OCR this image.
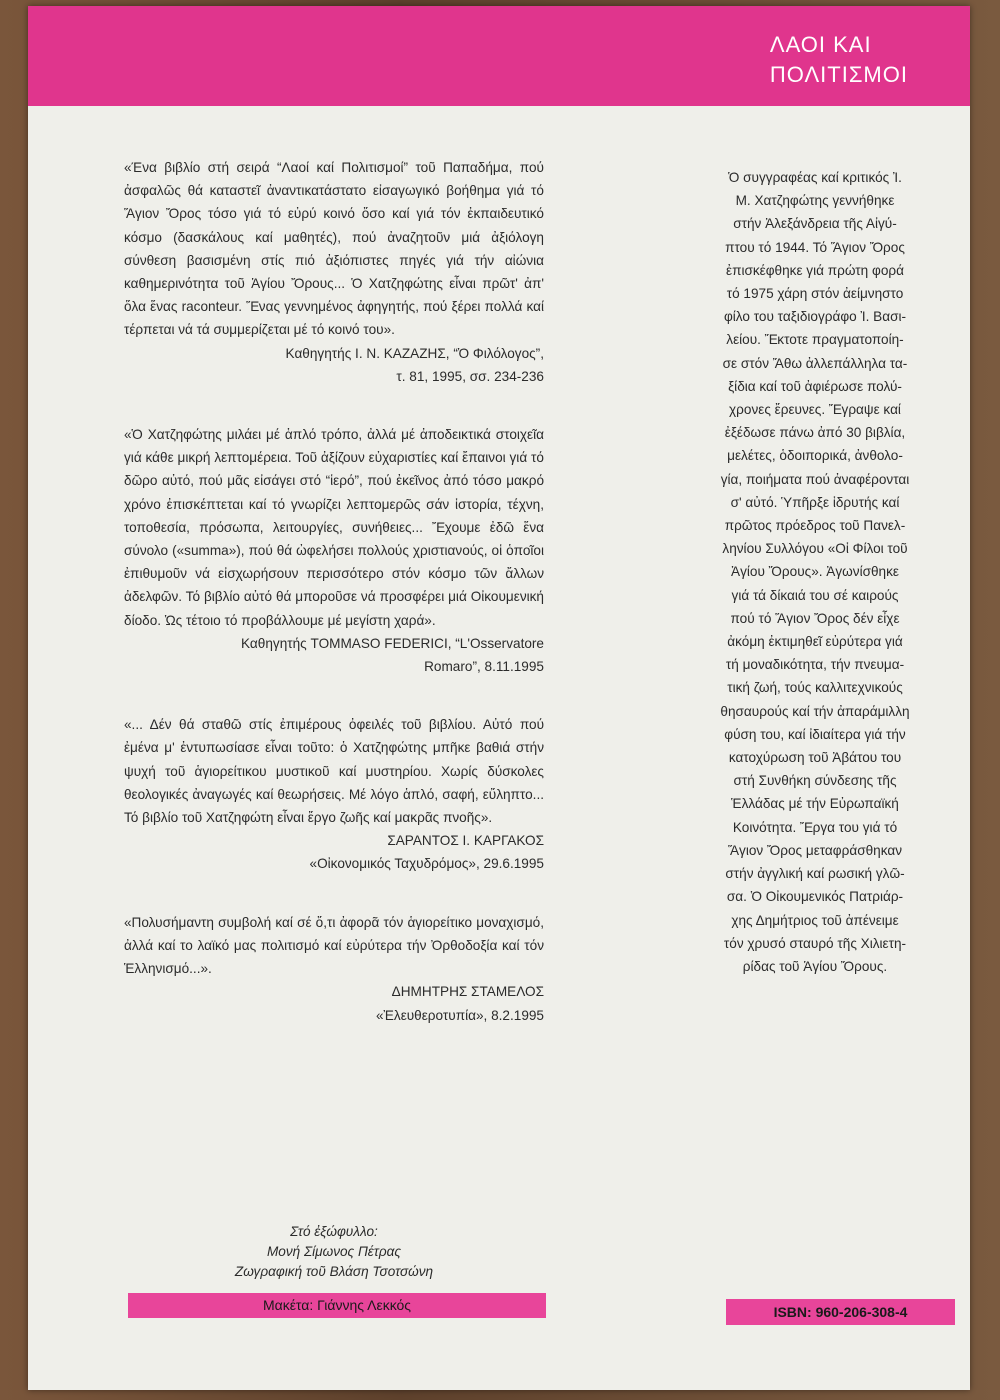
ΛΑΟΙ ΚΑΙ
ΠΟΛΙΤΙΣΜΟΙ

«Ένα βιβλίο στή σειρά “Λαοί καί Πολιτισμοί” τοῦ Παπαδήμα, πού ἀσφαλῶς θά καταστεῖ ἀναντικατάστατο εἰσαγωγικό βοήθημα γιά τό Ἅγιον Ὄρος τόσο γιά τό εὐρύ κοινό ὅσο καί γιά τόν ἐκπαιδευτικό κόσμο (δασκάλους καί μαθητές), πού ἀναζητοῦν μιά ἀξιόλογη σύνθεση βασισμένη στίς πιό ἀξιόπιστες πηγές γιά τήν αἰώνια καθημερινότητα τοῦ Ἁγίου Ὄρους... Ὁ Χατζηφώτης εἶναι πρῶτ' ἀπ' ὅλα ἕνας raconteur. Ἕνας γεννημένος ἀφηγητής, πού ξέρει πολλά καί τέρπεται νά τά συμμερίζεται μέ τό κοινό του».

Καθηγητής Ι. Ν. ΚΑΖΑΖΗΣ, “Ὁ Φιλόλογος”,

τ. 81, 1995, σσ. 234-236

«Ὁ Χατζηφώτης μιλάει μέ ἁπλό τρόπο, ἀλλά μέ ἀποδεικτικά στοιχεῖα γιά κάθε μικρή λεπτομέρεια. Τοῦ ἀξίζουν εὐχαριστίες καί ἔπαινοι γιά τό δῶρο αὐτό, πού μᾶς εἰσάγει στό “ἱερό”, πού ἐκεῖνος ἀπό τόσο μακρό χρόνο ἐπισκέπτεται καί τό γνωρίζει λεπτομερῶς σάν ἱστορία, τέχνη, τοποθεσία, πρόσωπα, λειτουργίες, συνήθειες... Ἔχουμε ἐδῶ ἕνα σύνολο («summa»), πού θά ὠφελήσει πολλούς χριστιανούς, οἱ ὁποῖοι ἐπιθυμοῦν νά εἰσχωρήσουν περισσότερο στόν κόσμο τῶν ἄλλων ἀδελφῶν. Τό βιβλίο αὐτό θά μποροῦσε νά προσφέρει μιά Οἰκουμενική δίοδο. Ὡς τέτοιο τό προβάλλουμε μέ μεγίστη χαρά».

Καθηγητής TOMMASO FEDERICI, “L'Osservatore

Romaro”, 8.11.1995

«... Δέν θά σταθῶ στίς ἐπιμέρους ὀφειλές τοῦ βιβλίου. Αὐτό πού ἐμένα μ' ἐντυπωσίασε εἶναι τοῦτο: ὁ Χατζηφώτης μπῆκε βαθιά στήν ψυχή τοῦ ἁγιορείτικου μυστικοῦ καί μυστηρίου. Χωρίς δύσκολες θεολογικές ἀναγωγές καί θεωρήσεις. Μέ λόγο ἁπλό, σαφή, εὔληπτο... Τό βιβλίο τοῦ Χατζηφώτη εἶναι ἔργο ζωῆς καί μακρᾶς πνοῆς».

ΣΑΡΑΝΤΟΣ Ι. ΚΑΡΓΑΚΟΣ

«Οἰκονομικός Ταχυδρόμος», 29.6.1995

«Πολυσήμαντη συμβολή καί σέ ὅ,τι ἀφορᾶ τόν ἁγιορείτικο μοναχισμό, ἀλλά καί το λαϊκό μας πολιτισμό καί εὐρύτερα τήν Ὀρθοδοξία καί τόν Ἑλληνισμό...».

ΔΗΜΗΤΡΗΣ ΣΤΑΜΕΛΟΣ

«Ἐλευθεροτυπία», 8.2.1995

Στό ἐξώφυλλο:
Μονή Σίμωνος Πέτρας
Ζωγραφική τοῦ Βλάση Τσοτσώνη
Ὁ συγγραφέας καί κριτικός Ἰ.
Μ. Χατζηφώτης γεννήθηκε
στήν Ἀλεξάνδρεια τῆς Αἰγύ-
πτου τό 1944. Τό Ἅγιον Ὄρος
ἐπισκέφθηκε γιά πρώτη φορά
τό 1975 χάρη στόν ἀείμνηστο
φίλο του ταξιδιογράφο Ἰ. Βασι-
λείου. Ἔκτοτε πραγματοποίη-
σε στόν Ἄθω ἀλλεπάλληλα τα-
ξίδια καί τοῦ ἀφιέρωσε πολύ-
χρονες ἔρευνες. Ἔγραψε καί
ἐξέδωσε πάνω ἀπό 30 βιβλία,
μελέτες, ὁδοιπορικά, ἀνθολο-
γία, ποιήματα πού ἀναφέρονται
σ' αὐτό. Ὑπῆρξε ἱδρυτής καί
πρῶτος πρόεδρος τοῦ Πανελ-
ληνίου Συλλόγου «Οἱ Φίλοι τοῦ
Ἁγίου Ὄρους». Ἀγωνίσθηκε
γιά τά δίκαιά του σέ καιρούς
πού τό Ἅγιον Ὄρος δέν εἶχε
ἀκόμη ἐκτιμηθεῖ εὐρύτερα γιά
τή μοναδικότητα, τήν πνευμα-
τική ζωή, τούς καλλιτεχνικούς
θησαυρούς καί τήν ἀπαράμιλλη
φύση του, καί ἰδιαίτερα γιά τήν
κατοχύρωση τοῦ Ἀβάτου του
στή Συνθήκη σύνδεσης τῆς
Ἑλλάδας μέ τήν Εὐρωπαϊκή
Κοινότητα. Ἔργα του γιά τό
Ἅγιον Ὄρος μεταφράσθηκαν
στήν ἀγγλική καί ρωσική γλῶ-
σα. Ὁ Οἰκουμενικός Πατριάρ-
χης Δημήτριος τοῦ ἀπένειμε
τόν χρυσό σταυρό τῆς Χιλιετη-
ρίδας τοῦ Ἁγίου Ὄρους.
Μακέτα: Γιάννης Λεκκός	ISBN: 960-206-308-4
